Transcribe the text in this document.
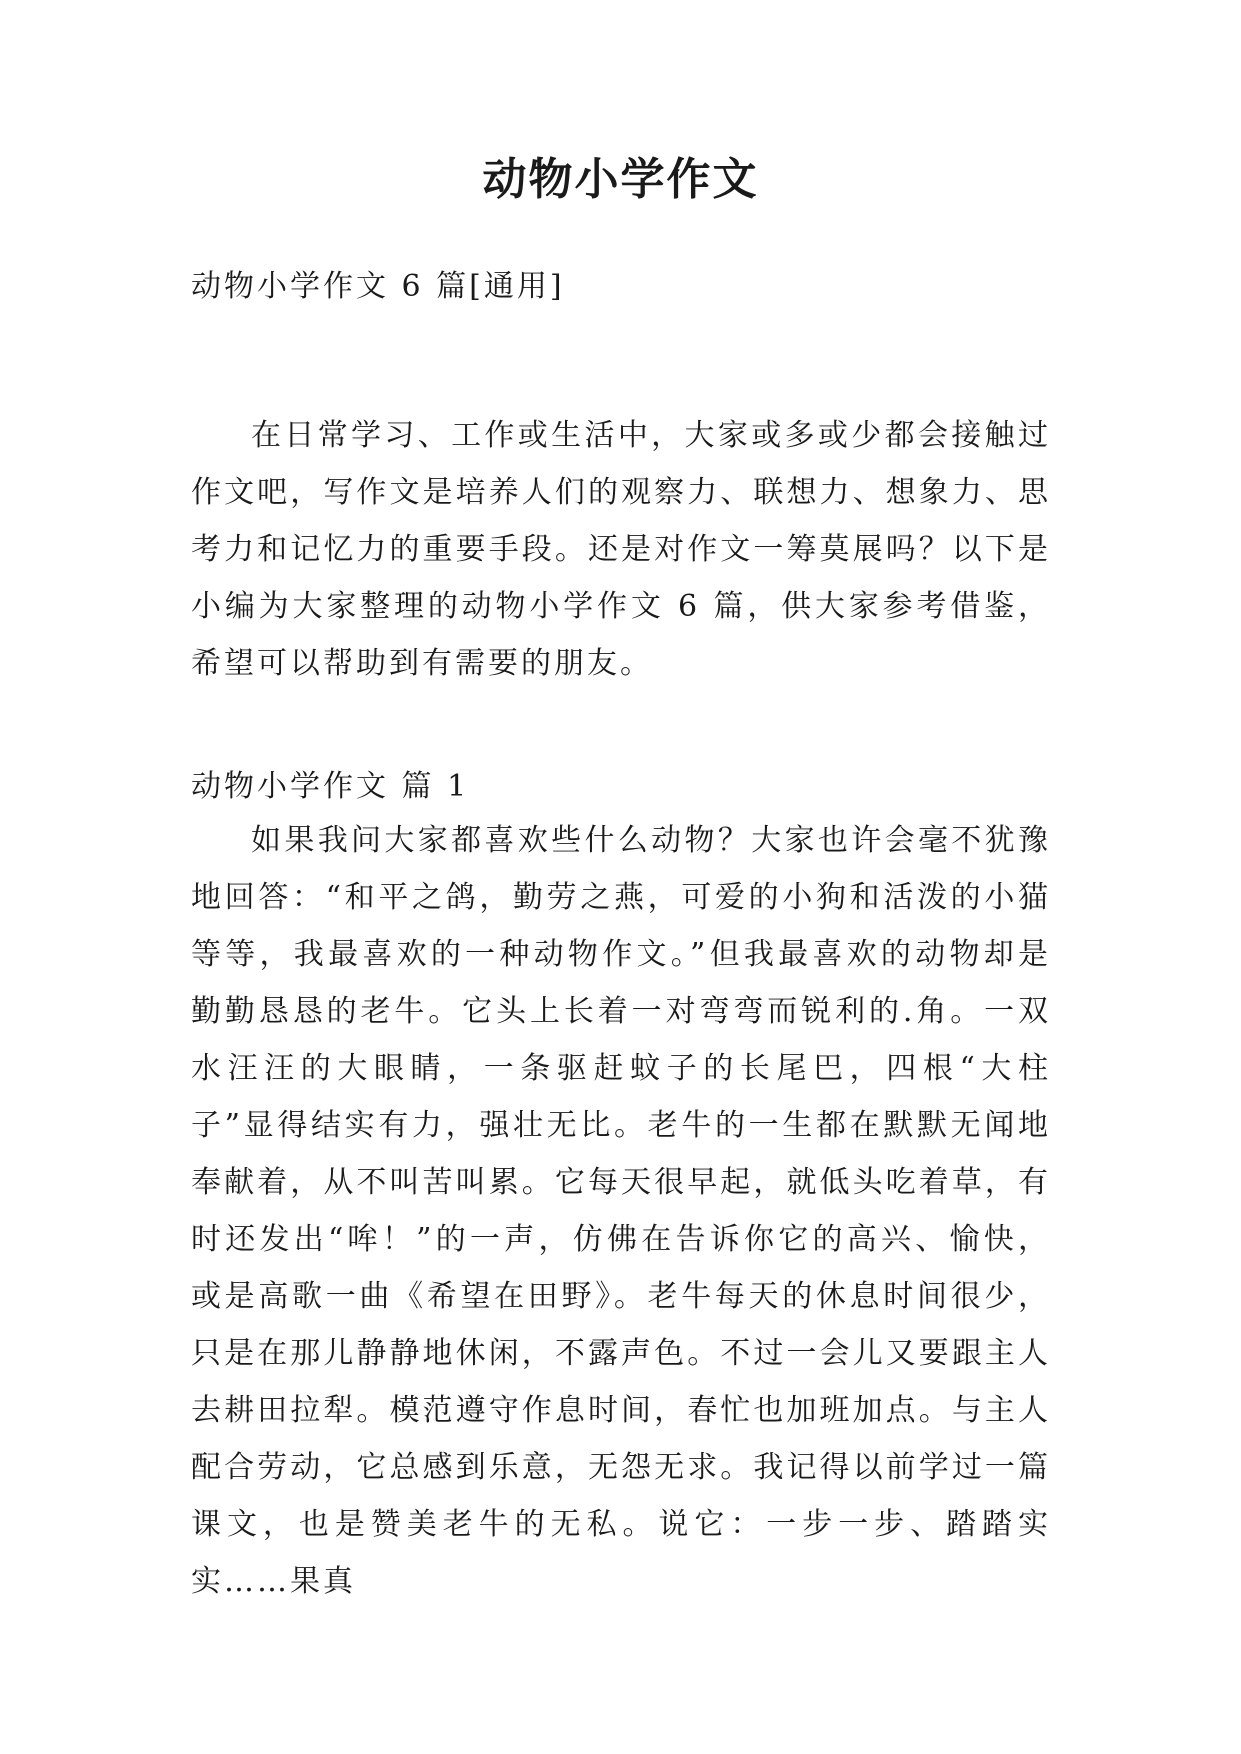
动物小学作文

动物小学作文 6 篇[通用]

在日常学习、工作或生活中，大家或多或少都会接触过作文吧，写作文是培养人们的观察力、联想力、想象力、思考力和记忆力的重要手段。还是对作文一筹莫展吗？以下是小编为大家整理的动物小学作文 6 篇，供大家参考借鉴，希望可以帮助到有需要的朋友。

动物小学作文 篇 1

如果我问大家都喜欢些什么动物？大家也许会毫不犹豫地回答：“和平之鸽，勤劳之燕，可爱的小狗和活泼的小猫等等，我最喜欢的一种动物作文。”但我最喜欢的动物却是勤勤恳恳的老牛。它头上长着一对弯弯而锐利的.角。一双水汪汪的大眼睛，一条驱赶蚊子的长尾巴，四根“大柱子”显得结实有力，强壮无比。老牛的一生都在默默无闻地奉献着，从不叫苦叫累。它每天很早起，就低头吃着草，有时还发出“哞！”的一声，仿佛在告诉你它的高兴、愉快，或是高歌一曲《希望在田野》。老牛每天的休息时间很少，只是在那儿静静地休闲，不露声色。不过一会儿又要跟主人去耕田拉犁。模范遵守作息时间，春忙也加班加点。与主人配合劳动，它总感到乐意，无怨无求。我记得以前学过一篇课文，也是赞美老牛的无私。说它：一步一步、踏踏实实……果真
